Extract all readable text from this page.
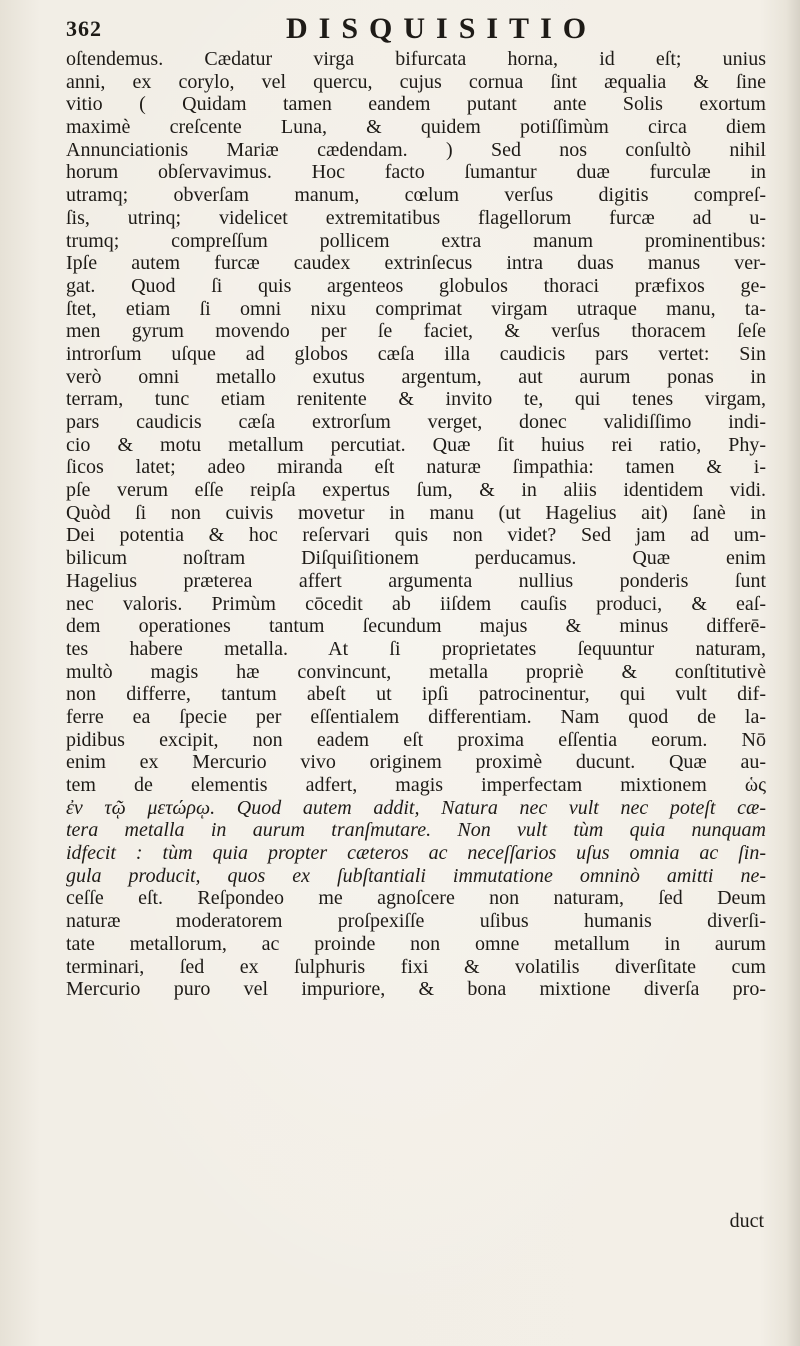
362	DISQUISITIO
oſtendemus. Cædatur virga bifurcata horna, id eſt; unius
anni, ex corylo, vel quercu, cujus cornua ſint æqualia & ſine
vitio ( Quidam tamen eandem putant ante Solis exortum
maximè creſcente Luna, & quidem potiſſimùm circa diem
Annunciationis Mariæ cædendam. ) Sed nos conſultò nihil
horum obſervavimus. Hoc facto ſumantur duæ furculæ in
utramq; obverſam manum, cœlum verſus digitis compreſ-
ſis, utrinq; videlicet extremitatibus flagellorum furcæ ad u-
trumq; compreſſum pollicem extra manum prominentibus:
Ipſe autem furcæ caudex extrinſecus intra duas manus ver-
gat. Quod ſi quis argenteos globulos thoraci præfixos ge-
ſtet, etiam ſi omni nixu comprimat virgam utraque manu, ta-
men gyrum movendo per ſe faciet, & verſus thoracem ſeſe
introrſum uſque ad globos cæſa illa caudicis pars vertet: Sin
verò omni metallo exutus argentum, aut aurum ponas in
terram, tunc etiam renitente & invito te, qui tenes virgam,
pars caudicis cæſa extrorſum verget, donec validiſſimo indi-
cio & motu metallum percutiat. Quæ ſit huius rei ratio, Phy-
ſicos latet; adeo miranda eſt naturæ ſimpathia: tamen & i-
pſe verum eſſe reipſa expertus ſum, & in aliis identidem vidi.
Quòd ſi non cuivis movetur in manu (ut Hagelius ait) ſanè in
Dei potentia & hoc reſervari quis non videt? Sed jam ad um-
bilicum noſtram Diſquiſitionem perducamus. Quæ enim
Hagelius præterea affert argumenta nullius ponderis ſunt
nec valoris. Primùm cōcedit ab iiſdem cauſis produci, & eaſ-
dem operationes tantum ſecundum majus & minus differē-
tes habere metalla. At ſi proprietates ſequuntur naturam,
multò magis hæ convincunt, metalla propriè & conſtitutivè
non differre, tantum abeſt ut ipſi patrocinentur, qui vult dif-
ferre ea ſpecie per eſſentialem differentiam. Nam quod de la-
pidibus excipit, non eadem eſt proxima eſſentia eorum. Nō
enim ex Mercurio vivo originem proximè ducunt. Quæ au-
tem de elementis adfert, magis imperfectam mixtionem ὡς
ἐν τῷ μετώρῳ. Quod autem addit, Natura nec vult nec poteſt cæ-
tera metalla in aurum tranſmutare. Non vult tùm quia nunquam
idfecit : tùm quia propter cæteros ac neceſſarios uſus omnia ac ſin-
gula producit, quos ex ſubſtantiali immutatione omninò amitti ne-
ceſſe eſt. Reſpondeo me agnoſcere non naturam, ſed Deum
naturæ moderatorem proſpexiſſe uſibus humanis diverſi-
tate metallorum, ac proinde non omne metallum in aurum
terminari, ſed ex ſulphuris fixi & volatilis diverſitate cum
Mercurio puro vel impuriore, & bona mixtione diverſa pro-
duct
